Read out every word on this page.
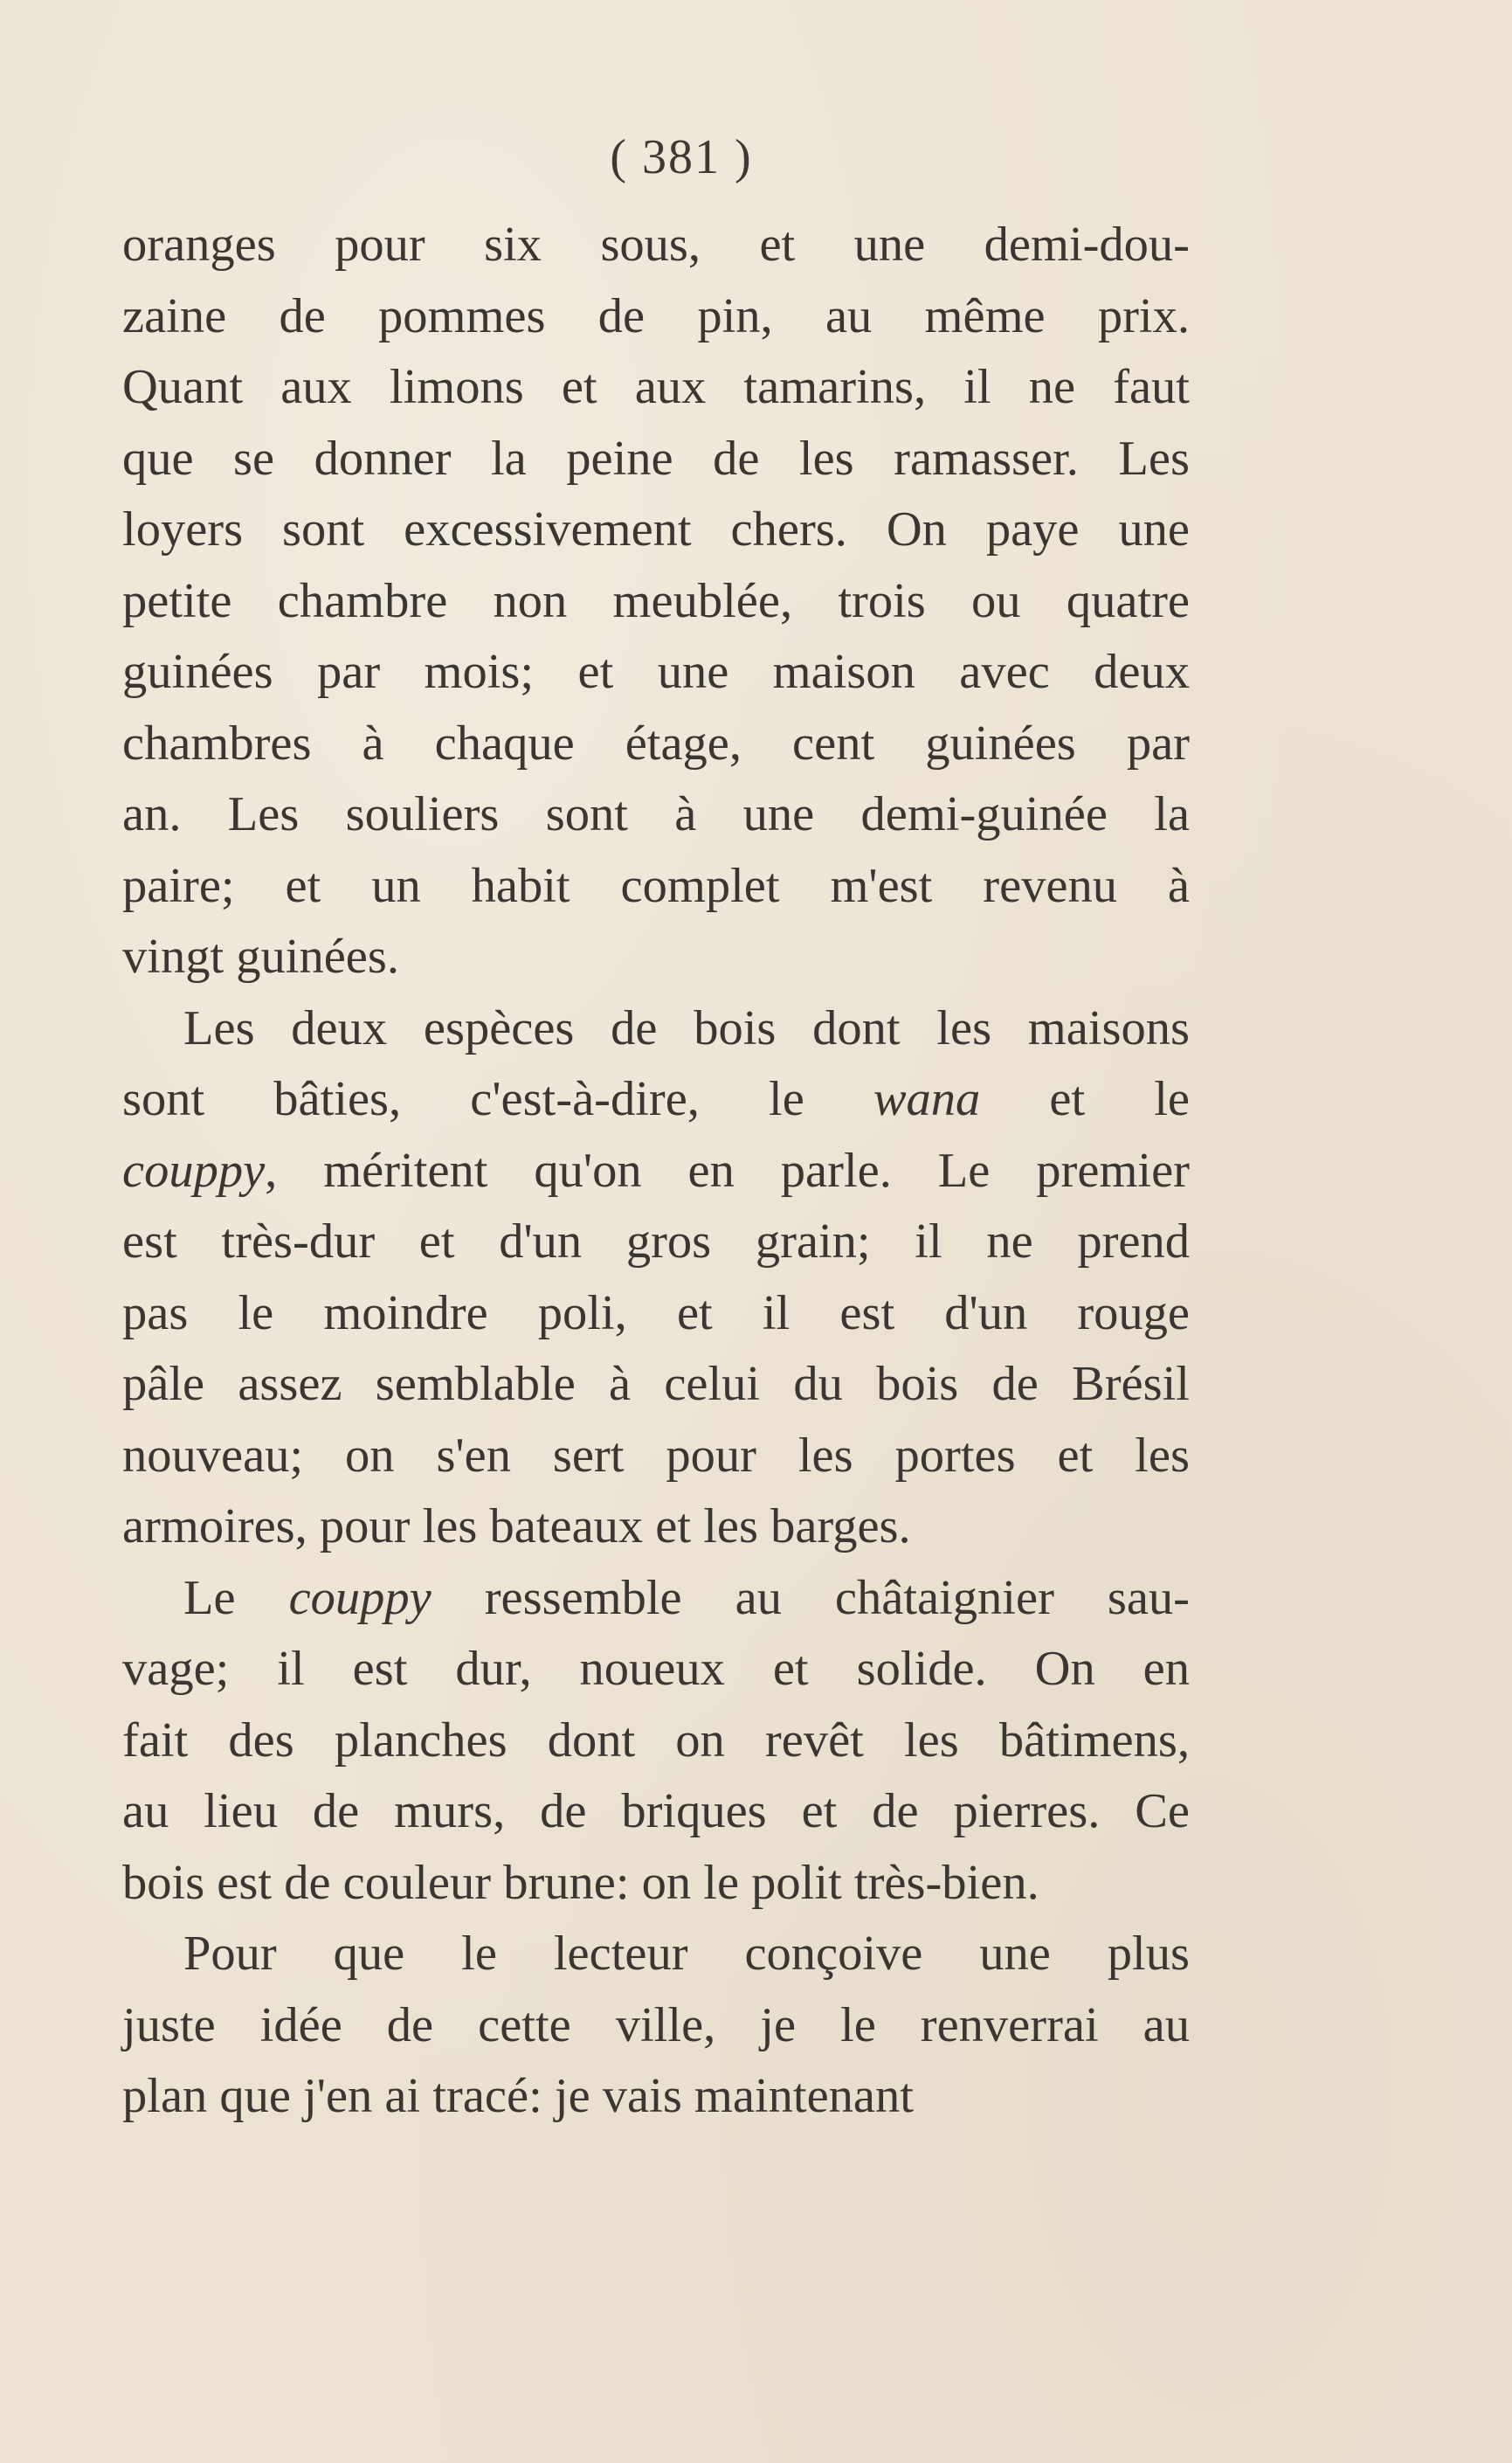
( 381 )
oranges pour six sous, et une demi-dou-
zaine de pommes de pin, au même prix.
Quant aux limons et aux tamarins, il ne faut
que se donner la peine de les ramasser. Les
loyers sont excessivement chers. On paye une
petite chambre non meublée, trois ou quatre
guinées par mois; et une maison avec deux
chambres à chaque étage, cent guinées par
an. Les souliers sont à une demi-guinée la
paire; et un habit complet m'est revenu à
vingt guinées.
Les deux espèces de bois dont les maisons
sont bâties, c'est-à-dire, le wana et le
couppy, méritent qu'on en parle. Le premier
est très-dur et d'un gros grain; il ne prend
pas le moindre poli, et il est d'un rouge
pâle assez semblable à celui du bois de Brésil
nouveau; on s'en sert pour les portes et les
armoires, pour les bateaux et les barges.
Le couppy ressemble au châtaignier sau-
vage; il est dur, noueux et solide. On en
fait des planches dont on revêt les bâtimens,
au lieu de murs, de briques et de pierres. Ce
bois est de couleur brune: on le polit très-bien.
Pour que le lecteur conçoive une plus
juste idée de cette ville, je le renverrai au
plan que j'en ai tracé: je vais maintenant
